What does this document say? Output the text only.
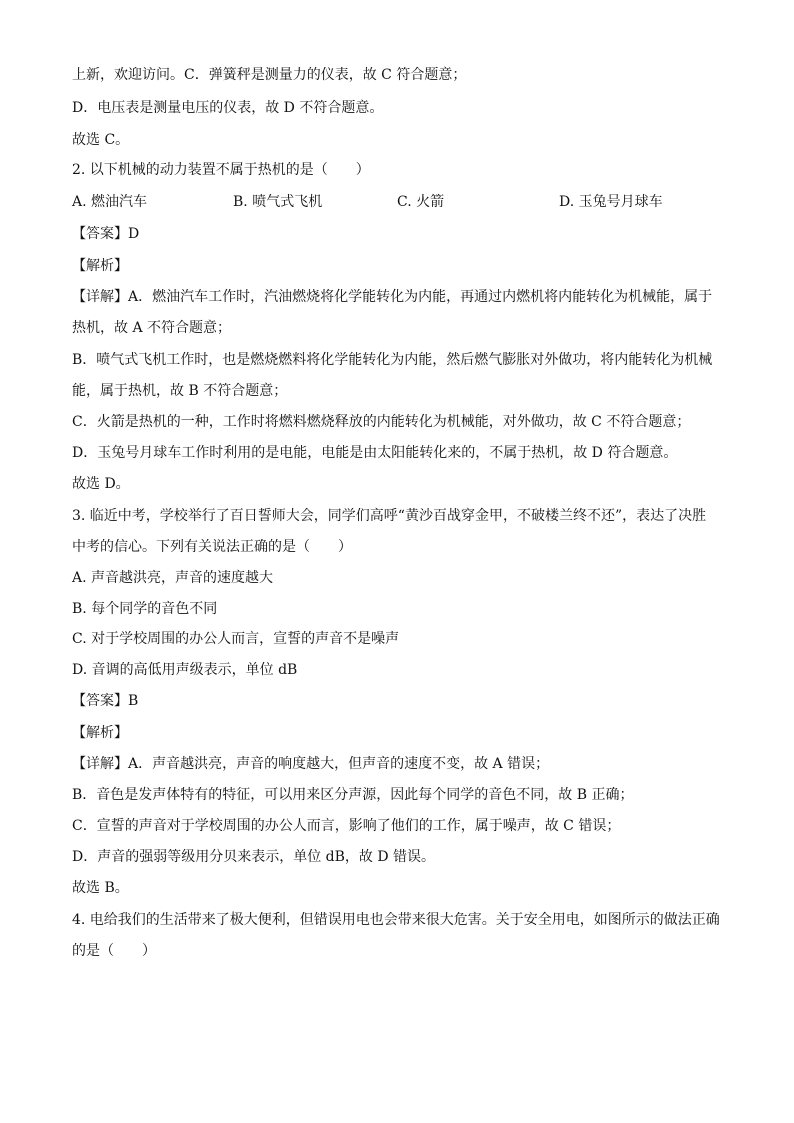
上新，欢迎访问。C．弹簧秤是测量力的仪表，故 C 符合题意；
D．电压表是测量电压的仪表，故 D 不符合题意。
故选 C。
2. 以下机械的动力装置不属于热机的是（　　）
A. 燃油汽车	B. 喷气式飞机	C. 火箭	D. 玉兔号月球车
【答案】D
【解析】
【详解】A．燃油汽车工作时，汽油燃烧将化学能转化为内能，再通过内燃机将内能转化为机械能，属于
热机，故 A 不符合题意；
B．喷气式飞机工作时，也是燃烧燃料将化学能转化为内能，然后燃气膨胀对外做功，将内能转化为机械
能，属于热机，故 B 不符合题意；
C．火箭是热机的一种，工作时将燃料燃烧释放的内能转化为机械能，对外做功，故 C 不符合题意；
D．玉兔号月球车工作时利用的是电能，电能是由太阳能转化来的，不属于热机，故 D 符合题意。
故选 D。
3. 临近中考，学校举行了百日誓师大会，同学们高呼“黄沙百战穿金甲，不破楼兰终不还”，表达了决胜
中考的信心。下列有关说法正确的是（　　）
A. 声音越洪亮，声音的速度越大
B. 每个同学的音色不同
C. 对于学校周围的办公人而言，宣誓的声音不是噪声
D. 音调的高低用声级表示，单位 dB
【答案】B
【解析】
【详解】A．声音越洪亮，声音的响度越大，但声音的速度不变，故 A 错误；
B．音色是发声体特有的特征，可以用来区分声源，因此每个同学的音色不同，故 B 正确；
C．宣誓的声音对于学校周围的办公人而言，影响了他们的工作，属于噪声，故 C 错误；
D．声音的强弱等级用分贝来表示，单位 dB，故 D 错误。
故选 B。
4. 电给我们的生活带来了极大便利，但错误用电也会带来很大危害。关于安全用电，如图所示的做法正确
的是（　　）
